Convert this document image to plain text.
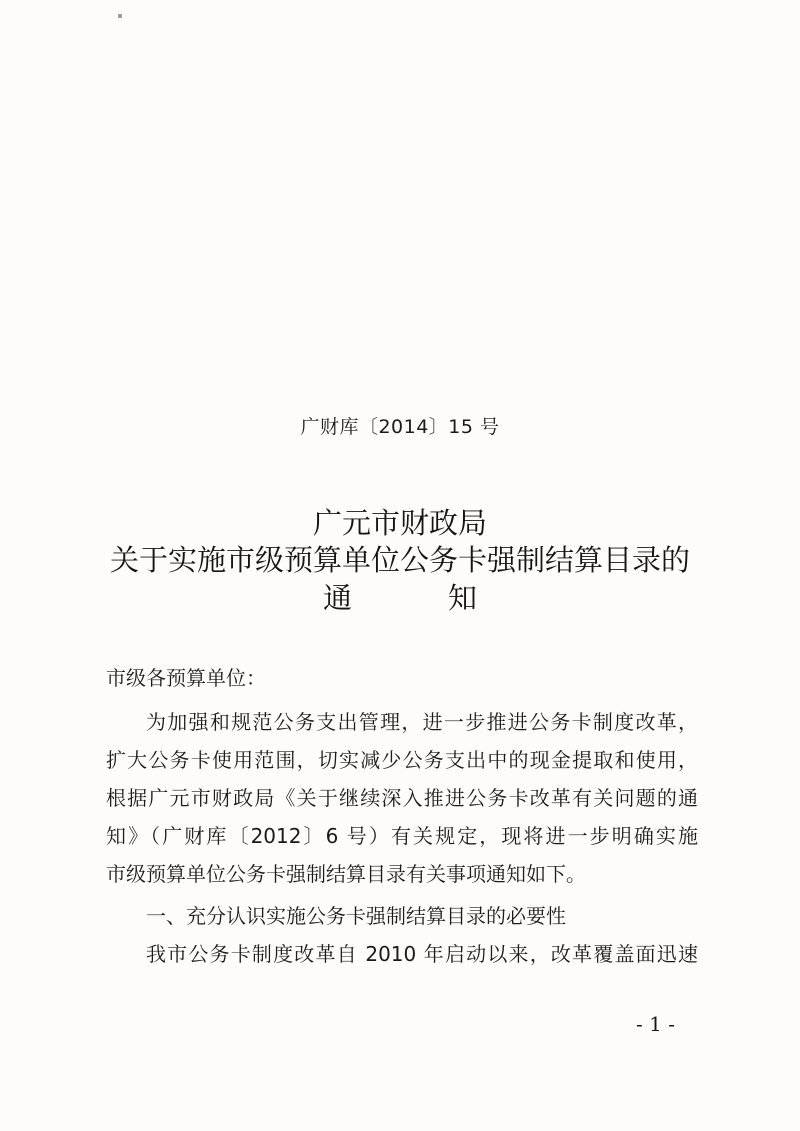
广财库〔2014〕15 号
广元市财政局
关于实施市级预算单位公务卡强制结算目录的
通	知
市级各预算单位：
为加强和规范公务支出管理，进一步推进公务卡制度改革，
扩大公务卡使用范围，切实减少公务支出中的现金提取和使用，
根据广元市财政局《关于继续深入推进公务卡改革有关问题的通
知》（广财库〔2012〕6 号）有关规定，现将进一步明确实施
市级预算单位公务卡强制结算目录有关事项通知如下。
一、充分认识实施公务卡强制结算目录的必要性
我市公务卡制度改革自 2010 年启动以来，改革覆盖面迅速
- 1 -
